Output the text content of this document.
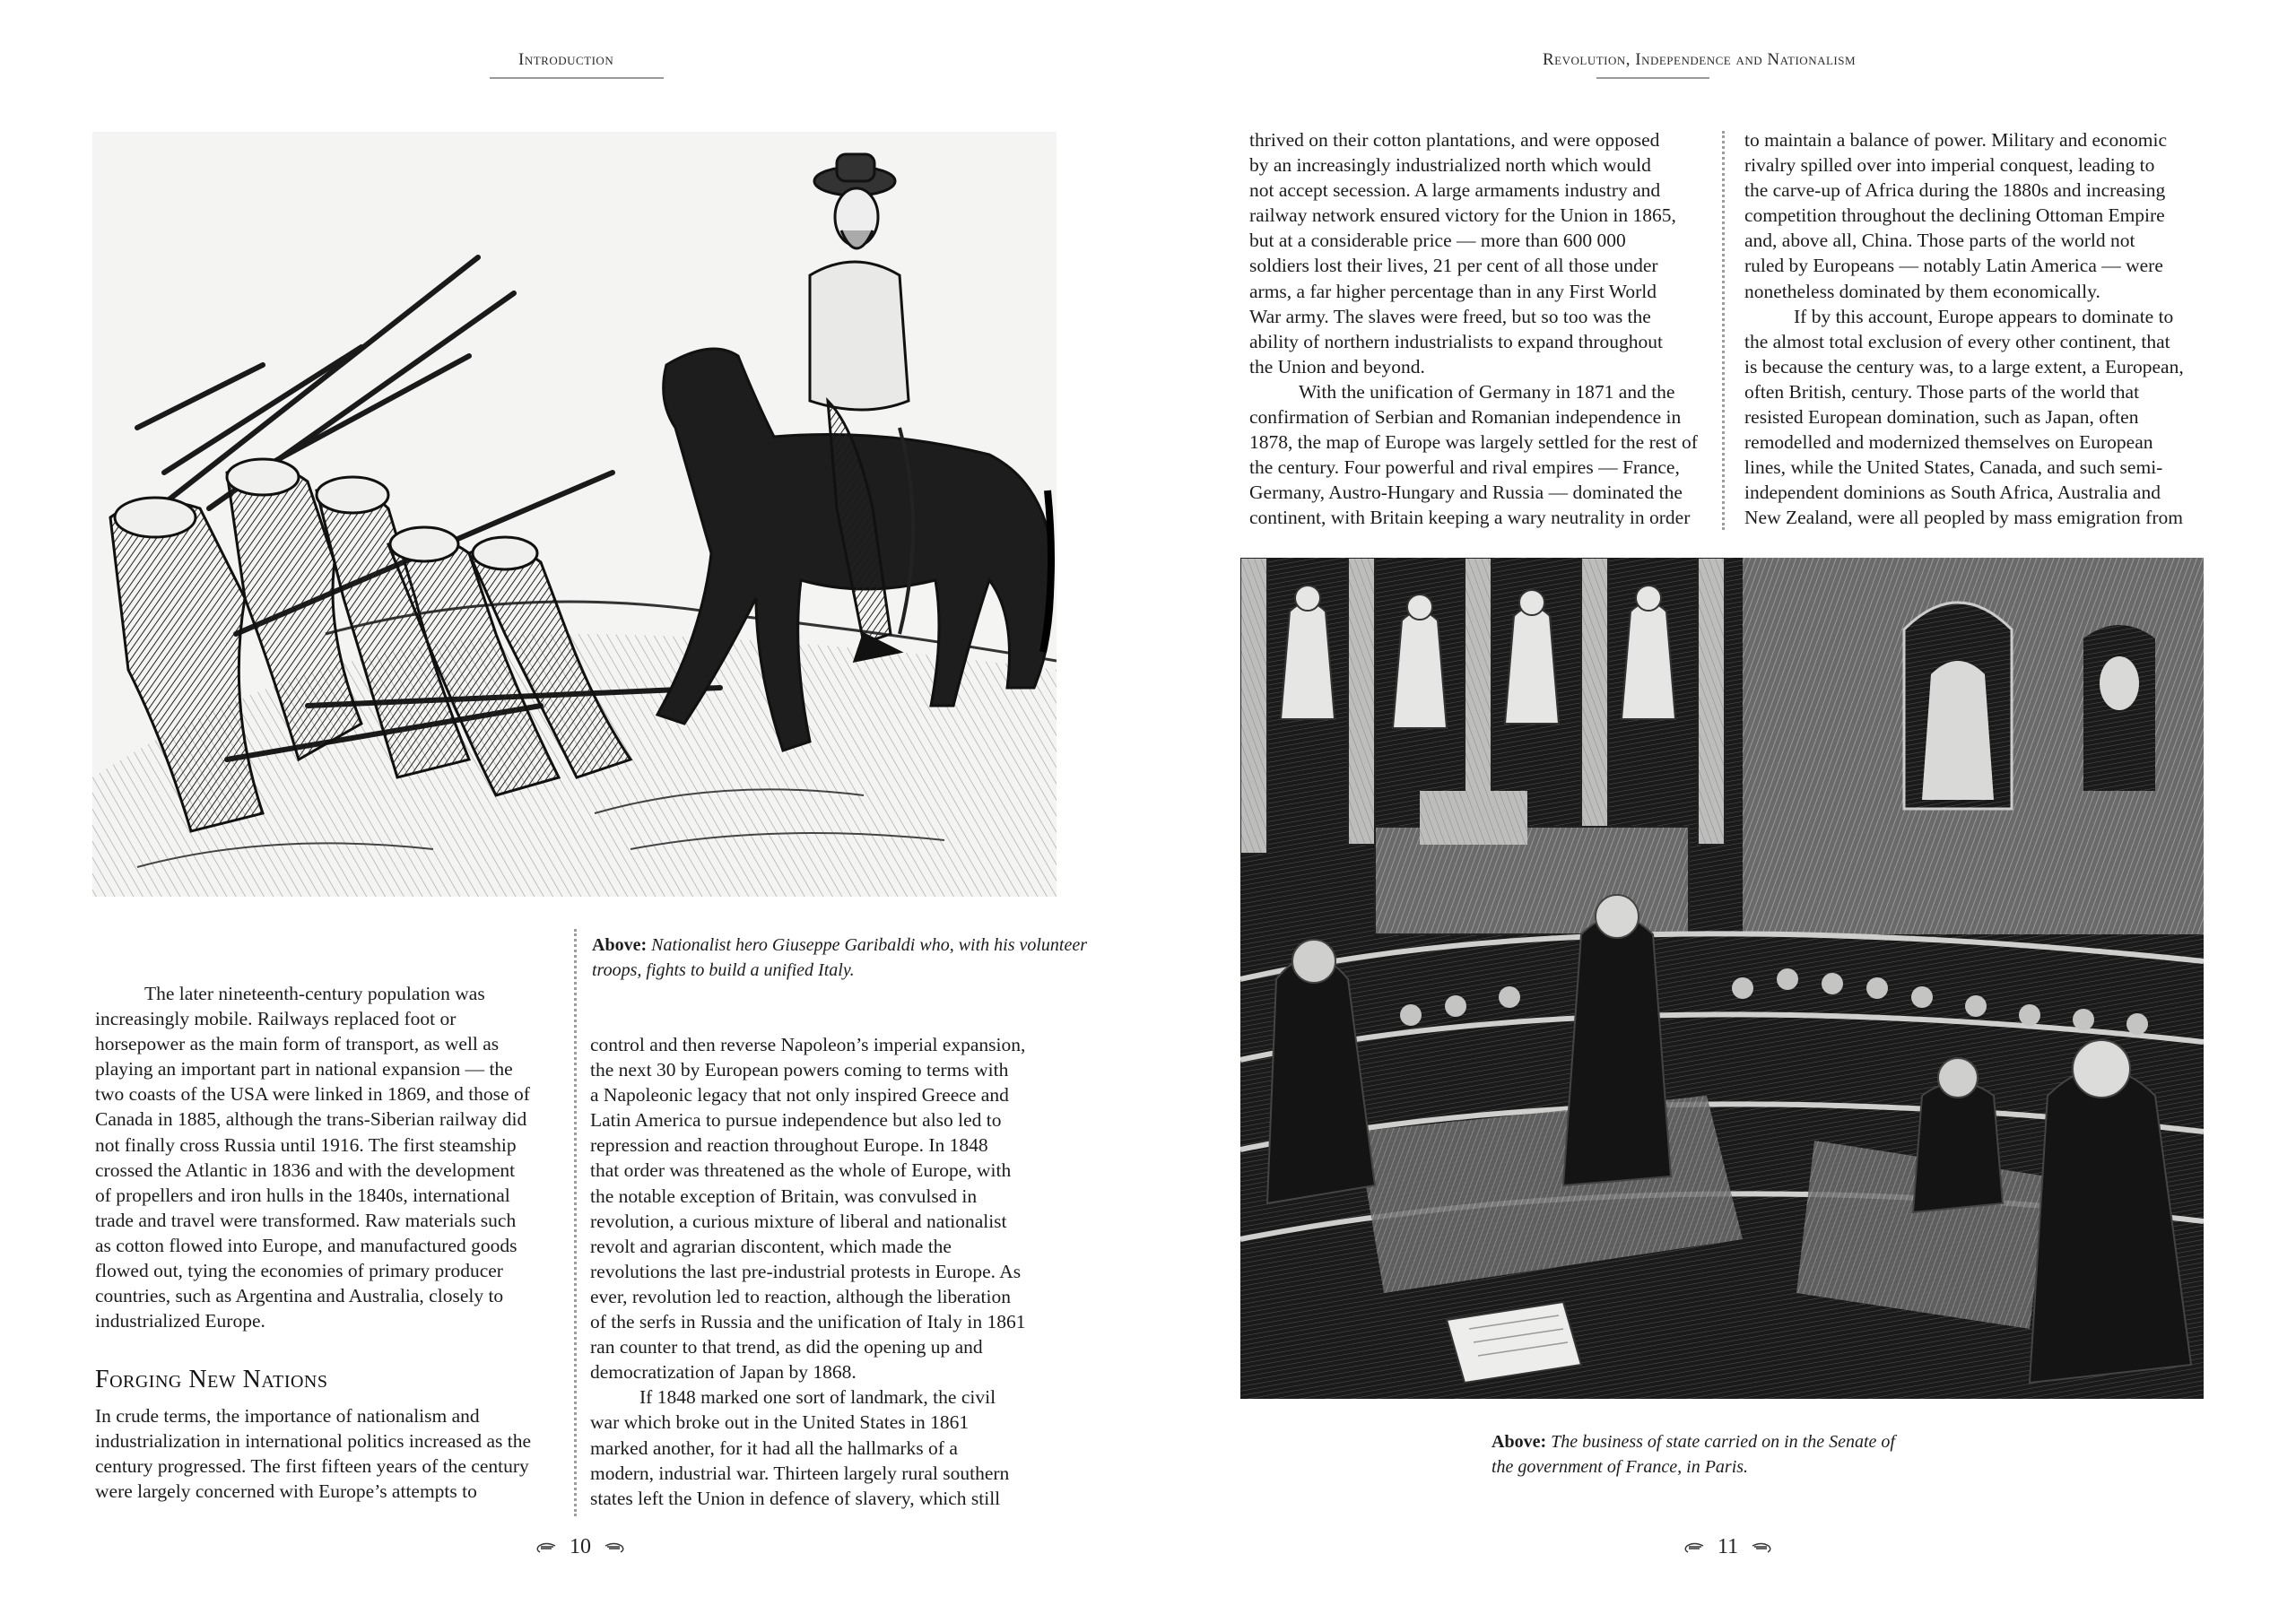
Introduction
Above: Nationalist hero Giuseppe Garibaldi who, with his volunteer troops, fights to build a unified Italy.

The later nineteenth-century population was
increasingly mobile. Railways replaced foot or
horsepower as the main form of transport, as well as
playing an important part in national expansion — the
two coasts of the USA were linked in 1869, and those of
Canada in 1885, although the trans-Siberian railway did
not finally cross Russia until 1916. The first steamship
crossed the Atlantic in 1836 and with the development
of propellers and iron hulls in the 1840s, international
trade and travel were transformed. Raw materials such
as cotton flowed into Europe, and manufactured goods
flowed out, tying the economies of primary producer
countries, such as Argentina and Australia, closely to
industrialized Europe.

Forging New Nations

In crude terms, the importance of nationalism and
industrialization in international politics increased as the
century progressed. The first fifteen years of the century
were largely concerned with Europe’s attempts to

control and then reverse Napoleon’s imperial expansion,
the next 30 by European powers coming to terms with
a Napoleonic legacy that not only inspired Greece and
Latin America to pursue independence but also led to
repression and reaction throughout Europe. In 1848
that order was threatened as the whole of Europe, with
the notable exception of Britain, was convulsed in
revolution, a curious mixture of liberal and nationalist
revolt and agrarian discontent, which made the
revolutions the last pre-industrial protests in Europe. As
ever, revolution led to reaction, although the liberation
of the serfs in Russia and the unification of Italy in 1861
ran counter to that trend, as did the opening up and
democratization of Japan by 1868.

If 1848 marked one sort of landmark, the civil
war which broke out in the United States in 1861
marked another, for it had all the hallmarks of a
modern, industrial war. Thirteen largely rural southern
states left the Union in defence of slavery, which still

10
Revolution, Independence and Nationalism

thrived on their cotton plantations, and were opposed
by an increasingly industrialized north which would
not accept secession. A large armaments industry and
railway network ensured victory for the Union in 1865,
but at a considerable price — more than 600 000
soldiers lost their lives, 21 per cent of all those under
arms, a far higher percentage than in any First World
War army. The slaves were freed, but so too was the
ability of northern industrialists to expand throughout
the Union and beyond.

With the unification of Germany in 1871 and the
confirmation of Serbian and Romanian independence in
1878, the map of Europe was largely settled for the rest of
the century. Four powerful and rival empires — France,
Germany, Austro-Hungary and Russia — dominated the
continent, with Britain keeping a wary neutrality in order

to maintain a balance of power. Military and economic
rivalry spilled over into imperial conquest, leading to
the carve-up of Africa during the 1880s and increasing
competition throughout the declining Ottoman Empire
and, above all, China. Those parts of the world not
ruled by Europeans — notably Latin America — were
nonetheless dominated by them economically.

If by this account, Europe appears to dominate to
the almost total exclusion of every other continent, that
is because the century was, to a large extent, a European,
often British, century. Those parts of the world that
resisted European domination, such as Japan, often
remodelled and modernized themselves on European
lines, while the United States, Canada, and such semi-
independent dominions as South Africa, Australia and
New Zealand, were all peopled by mass emigration from

Above: The business of state carried on in the Senate of
the government of France, in Paris.
11
